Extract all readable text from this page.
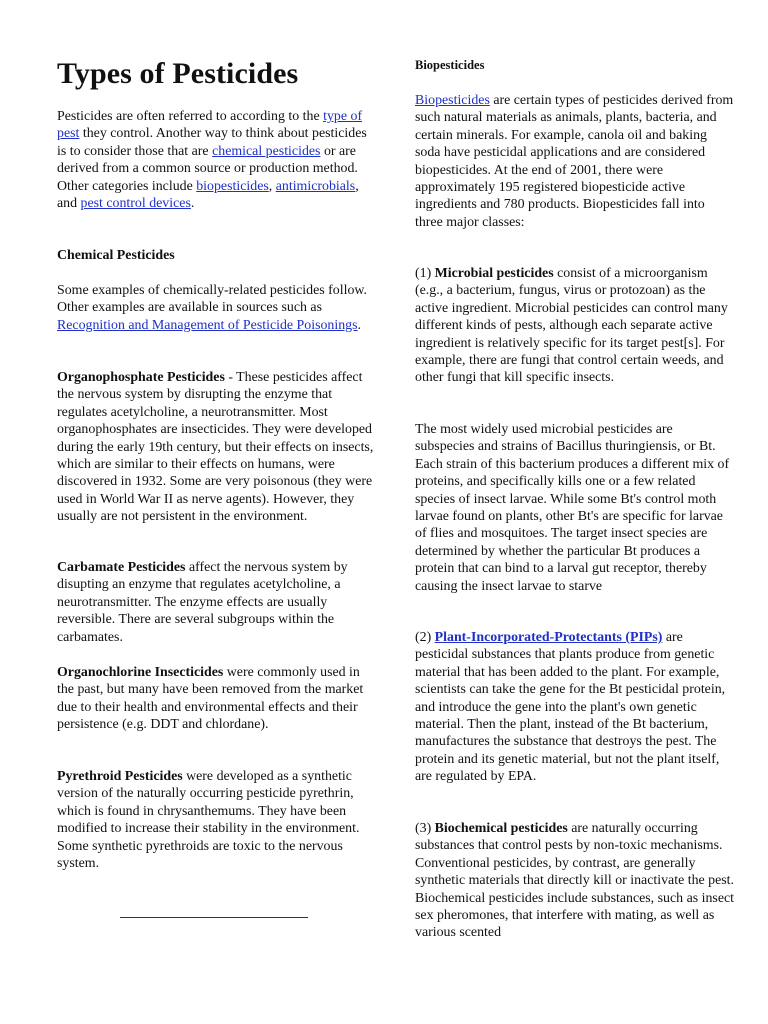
Types of Pesticides

Pesticides are often referred to according to the type of pest they control. Another way to think about pesticides is to consider those that are chemical pesticides or are derived from a common source or production method. Other categories include biopesticides, antimicrobials, and pest control devices.

Chemical Pesticides

Some examples of chemically-related pesticides follow. Other examples are available in sources such as Recognition and Management of Pesticide Poisonings.

Organophosphate Pesticides - These pesticides affect the nervous system by disrupting the enzyme that regulates acetylcholine, a neurotransmitter. Most organophosphates are insecticides. They were developed during the early 19th century, but their effects on insects, which are similar to their effects on humans, were discovered in 1932. Some are very poisonous (they were used in World War II as nerve agents). However, they usually are not persistent in the environment.

Carbamate Pesticides affect the nervous system by disupting an enzyme that regulates acetylcholine, a neurotransmitter. The enzyme effects are usually reversible. There are several subgroups within the carbamates.

Organochlorine Insecticides were commonly used in the past, but many have been removed from the market due to their health and environmental effects and their persistence (e.g. DDT and chlordane).

Pyrethroid Pesticides were developed as a synthetic version of the naturally occurring pesticide pyrethrin, which is found in chrysanthemums. They have been modified to increase their stability in the environment. Some synthetic pyrethroids are toxic to the nervous system.

Biopesticides

Biopesticides are certain types of pesticides derived from such natural materials as animals, plants, bacteria, and certain minerals. For example, canola oil and baking soda have pesticidal applications and are considered biopesticides. At the end of 2001, there were approximately 195 registered biopesticide active ingredients and 780 products. Biopesticides fall into three major classes:

(1) Microbial pesticides consist of a microorganism (e.g., a bacterium, fungus, virus or protozoan) as the active ingredient. Microbial pesticides can control many different kinds of pests, although each separate active ingredient is relatively specific for its target pest[s]. For example, there are fungi that control certain weeds, and other fungi that kill specific insects.

The most widely used microbial pesticides are subspecies and strains of Bacillus thuringiensis, or Bt. Each strain of this bacterium produces a different mix of proteins, and specifically kills one or a few related species of insect larvae. While some Bt's control moth larvae found on plants, other Bt's are specific for larvae of flies and mosquitoes. The target insect species are determined by whether the particular Bt produces a protein that can bind to a larval gut receptor, thereby causing the insect larvae to starve

(2) Plant-Incorporated-Protectants (PIPs) are pesticidal substances that plants produce from genetic material that has been added to the plant. For example, scientists can take the gene for the Bt pesticidal protein, and introduce the gene into the plant's own genetic material. Then the plant, instead of the Bt bacterium, manufactures the substance that destroys the pest. The protein and its genetic material, but not the plant itself, are regulated by EPA.

(3) Biochemical pesticides are naturally occurring substances that control pests by non-toxic mechanisms. Conventional pesticides, by contrast, are generally synthetic materials that directly kill or inactivate the pest. Biochemical pesticides include substances, such as insect sex pheromones, that interfere with mating, as well as various scented
